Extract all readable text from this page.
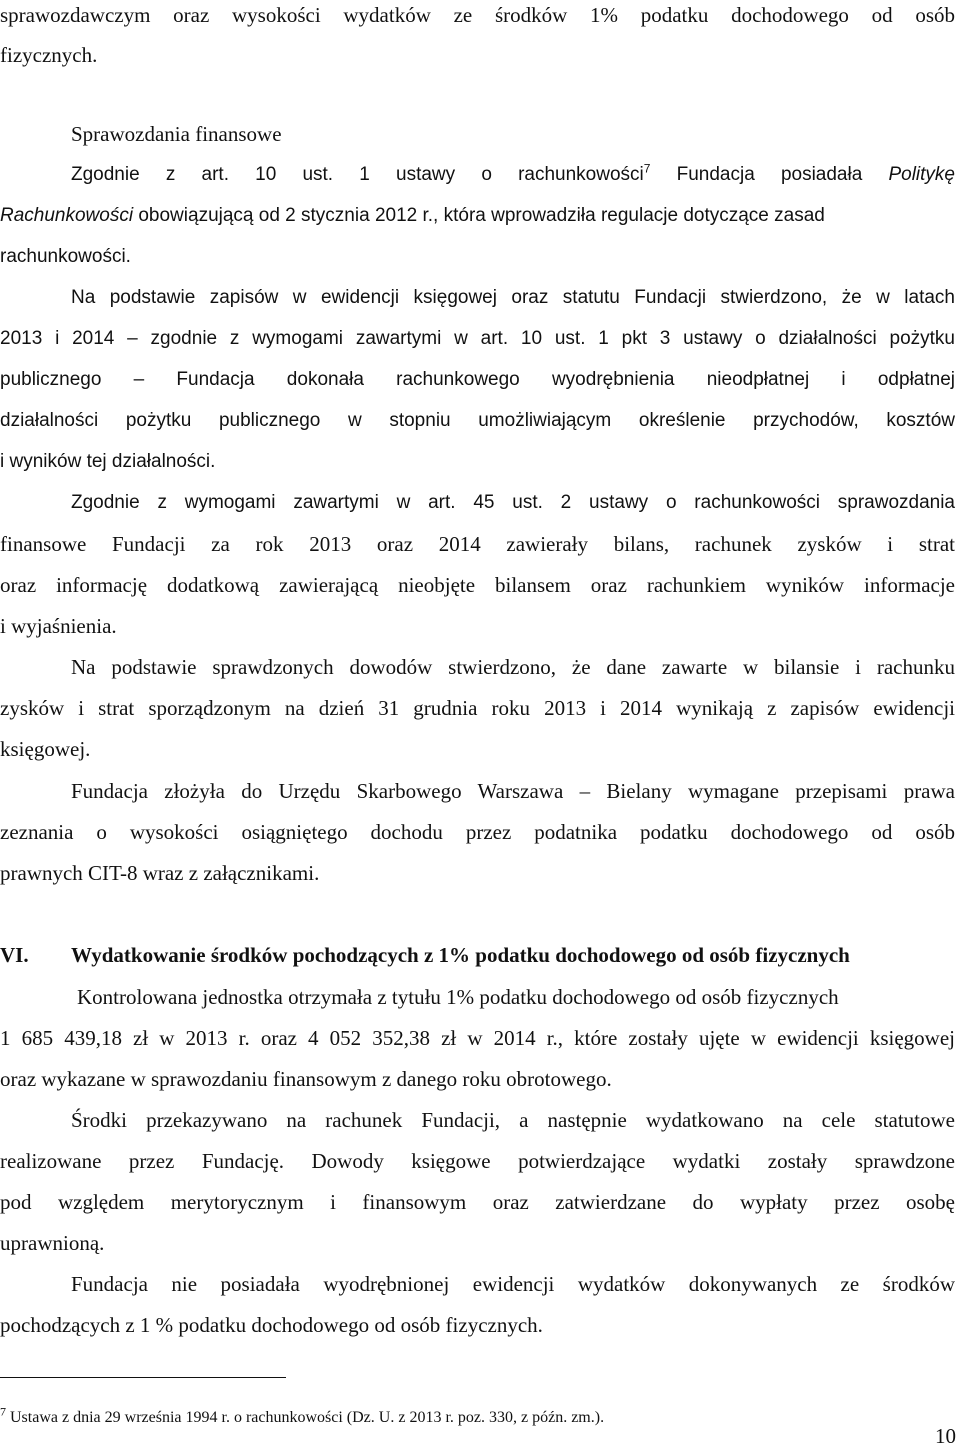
sprawozdawczym oraz wysokości wydatków ze środków 1% podatku dochodowego od osób
fizycznych.
Sprawozdania finansowe
Zgodnie z art. 10 ust. 1 ustawy o rachunkowości$^7$ Fundacja posiadała Politykę
Rachunkowości obowiązującą od 2 stycznia 2012 r., która wprowadziła regulacje dotyczące zasad
rachunkowości.
Na podstawie zapisów w ewidencji księgowej oraz statutu Fundacji stwierdzono, że w latach
2013 i 2014 – zgodnie z wymogami zawartymi w art. 10 ust. 1 pkt 3 ustawy o działalności pożytku
publicznego – Fundacja dokonała rachunkowego wyodrębnienia nieodpłatnej i odpłatnej
działalności pożytku publicznego w stopniu umożliwiającym określenie przychodów, kosztów
i wyników tej działalności.
Zgodnie z wymogami zawartymi w art. 45 ust. 2 ustawy o rachunkowości sprawozdania
finansowe Fundacji za rok 2013 oraz 2014 zawierały bilans, rachunek zysków i strat
oraz informację dodatkową zawierającą nieobjęte bilansem oraz rachunkiem wyników informacje
i wyjaśnienia.
Na podstawie sprawdzonych dowodów stwierdzono, że dane zawarte w bilansie i rachunku
zysków i strat sporządzonym na dzień 31 grudnia roku 2013 i 2014 wynikają z zapisów ewidencji
księgowej.
Fundacja złożyła do Urzędu Skarbowego Warszawa – Bielany wymagane przepisami prawa
zeznania o wysokości osiągniętego dochodu przez podatnika podatku dochodowego od osób
prawnych CIT-8 wraz z załącznikami.
VI. Wydatkowanie środków pochodzących z 1% podatku dochodowego od osób fizycznych
Kontrolowana jednostka otrzymała z tytułu 1% podatku dochodowego od osób fizycznych
1 685 439,18 zł w 2013 r. oraz 4 052 352,38 zł w 2014 r., które zostały ujęte w ewidencji księgowej
oraz wykazane w sprawozdaniu finansowym z danego roku obrotowego.
Środki przekazywano na rachunek Fundacji, a następnie wydatkowano na cele statutowe
realizowane przez Fundację. Dowody księgowe potwierdzające wydatki zostały sprawdzone
pod względem merytorycznym i finansowym oraz zatwierdzane do wypłaty przez osobę
uprawnioną.
Fundacja nie posiadała wyodrębnionej ewidencji wydatków dokonywanych ze środków
pochodzących z 1 % podatku dochodowego od osób fizycznych.
$^7$ Ustawa z dnia 29 września 1994 r. o rachunkowości (Dz. U. z 2013 r. poz. 330, z późn. zm.).
10
